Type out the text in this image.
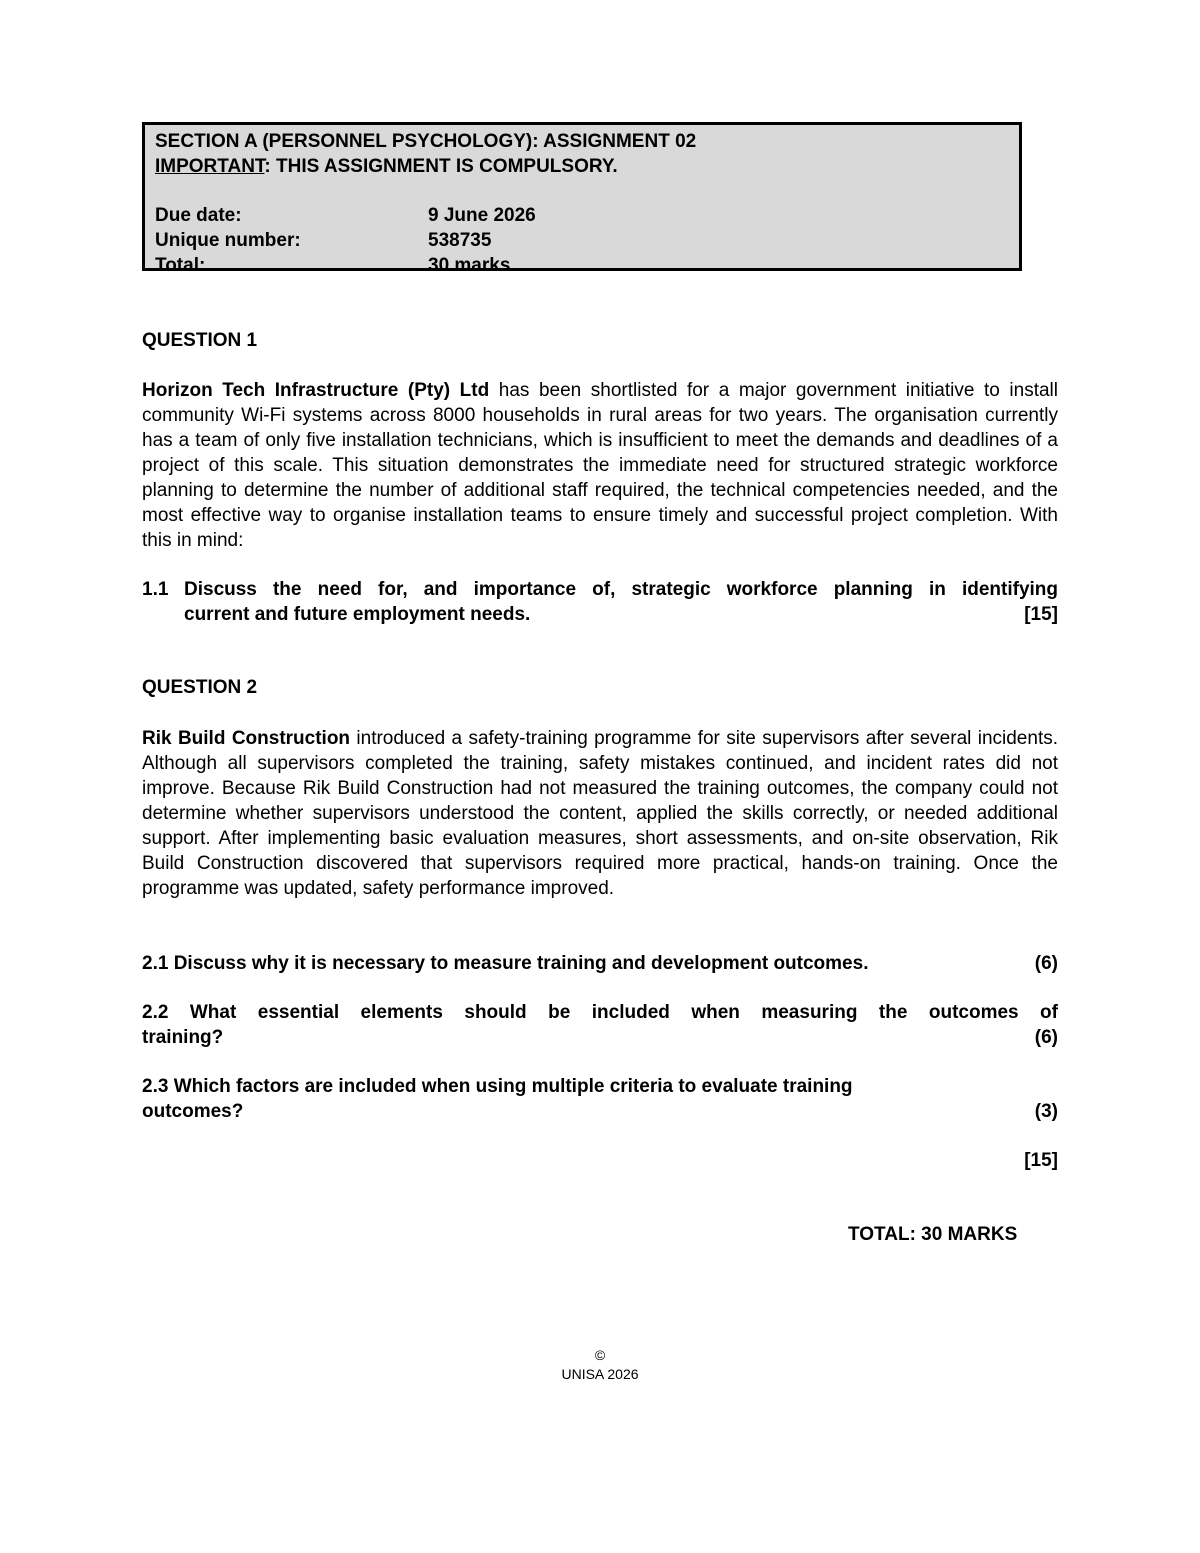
SECTION A (PERSONNEL PSYCHOLOGY): ASSIGNMENT 02
IMPORTANT: THIS ASSIGNMENT IS COMPULSORY.
Due date:	9 June 2026
Unique number:	538735
Total:	30 marks
QUESTION 1
Horizon Tech Infrastructure (Pty) Ltd has been shortlisted for a major government initiative to install community Wi-Fi systems across 8000 households in rural areas for two years. The organisation currently has a team of only five installation technicians, which is insufficient to meet the demands and deadlines of a project of this scale. This situation demonstrates the immediate need for structured strategic workforce planning to determine the number of additional staff required, the technical competencies needed, and the most effective way to organise installation teams to ensure timely and successful project completion. With this in mind:
1.1 Discuss the need for, and importance of, strategic workforce planning in identifying
current and future employment needs.	[15]
QUESTION 2
Rik Build Construction introduced a safety-training programme for site supervisors after several incidents. Although all supervisors completed the training, safety mistakes continued, and incident rates did not improve. Because Rik Build Construction had not measured the training outcomes, the company could not determine whether supervisors understood the content, applied the skills correctly, or needed additional support. After implementing basic evaluation measures, short assessments, and on-site observation, Rik Build Construction discovered that supervisors required more practical, hands-on training. Once the programme was updated, safety performance improved.
2.1 Discuss why it is necessary to measure training and development outcomes.	(6)
2.2 What essential elements should be included when measuring the outcomes of
training?	(6)
2.3 Which factors are included when using multiple criteria to evaluate training
outcomes?	(3)
[15]
TOTAL: 30 MARKS
©
UNISA 2026
